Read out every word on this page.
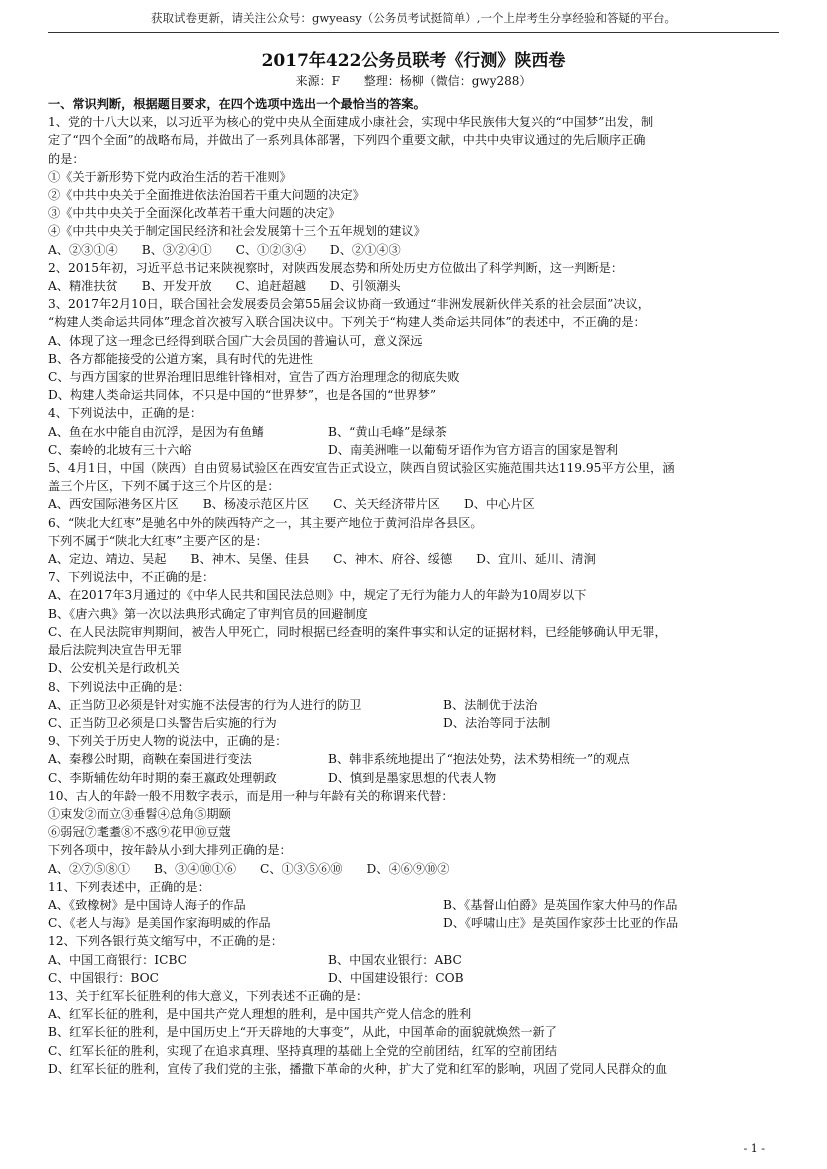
获取试卷更新，请关注公众号：gwyeasy（公务员考试挺简单）,一个上岸考生分享经验和答疑的平台。
2017年422公务员联考《行测》陕西卷
来源：F 整理：杨柳（微信：gwy288）
一、常识判断，根据题目要求，在四个选项中选出一个最恰当的答案。
1、党的十八大以来，以习近平为核心的党中央从全面建成小康社会，实现中华民族伟大复兴的“中国梦”出发，制
定了“四个全面”的战略布局，并做出了一系列具体部署，下列四个重要文献，中共中央审议通过的先后顺序正确
的是：
①《关于新形势下党内政治生活的若干准则》
②《中共中央关于全面推进依法治国若干重大问题的决定》
③《中共中央关于全面深化改革若干重大问题的决定》
④《中共中央关于制定国民经济和社会发展第十三个五年规划的建议》
A、②③①④ B、③②④① C、①②③④ D、②①④③
2、2015年初，习近平总书记来陕视察时，对陕西发展态势和所处历史方位做出了科学判断，这一判断是：
A、精准扶贫 B、开发开放 C、追赶超越 D、引领潮头
3、2017年2月10日，联合国社会发展委员会第55届会议协商一致通过“非洲发展新伙伴关系的社会层面”决议，
“构建人类命运共同体”理念首次被写入联合国决议中。下列关于“构建人类命运共同体”的表述中，不正确的是：
A、体现了这一理念已经得到联合国广大会员国的普遍认可，意义深远
B、各方都能接受的公道方案，具有时代的先进性
C、与西方国家的世界治理旧思维针锋相对，宣告了西方治理理念的彻底失败
D、构建人类命运共同体，不只是中国的“世界梦”，也是各国的“世界梦”
4、下列说法中，正确的是：
A、鱼在水中能自由沉浮，是因为有鱼鳍	B、“黄山毛峰”是绿茶
C、秦岭的北坡有三十六峪	D、南美洲唯一以葡萄牙语作为官方语言的国家是智利
5、4月1日，中国（陕西）自由贸易试验区在西安宣告正式设立，陕西自贸试验区实施范围共达119.95平方公里，涵
盖三个片区，下列不属于这三个片区的是：
A、西安国际港务区片区 B、杨凌示范区片区 C、关天经济带片区 D、中心片区
6、“陕北大红枣”是驰名中外的陕西特产之一，其主要产地位于黄河沿岸各县区。
下列不属于“陕北大红枣”主要产区的是：
A、定边、靖边、吴起 B、神木、吴堡、佳县 C、神木、府谷、绥德 D、宜川、延川、清涧
7、下列说法中，不正确的是：
A、在2017年3月通过的《中华人民共和国民法总则》中，规定了无行为能力人的年龄为10周岁以下
B、《唐六典》第一次以法典形式确定了审判官员的回避制度
C、在人民法院审判期间，被告人甲死亡，同时根据已经查明的案件事实和认定的证据材料，已经能够确认甲无罪，
最后法院判决宣告甲无罪
D、公安机关是行政机关
8、下列说法中正确的是：
A、正当防卫必须是针对实施不法侵害的行为人进行的防卫	B、法制优于法治
C、正当防卫必须是口头警告后实施的行为	D、法治等同于法制
9、下列关于历史人物的说法中，正确的是：
A、秦穆公时期，商鞅在秦国进行变法	B、韩非系统地提出了“抱法处势，法术势相统一”的观点
C、李斯辅佐幼年时期的秦王嬴政处理朝政	D、慎到是墨家思想的代表人物
10、古人的年龄一般不用数字表示，而是用一种与年龄有关的称谓来代替：
①束发②而立③垂髫④总角⑤期颐
⑥弱冠⑦耄耋⑧不惑⑨花甲⑩豆蔻
下列各项中，按年龄从小到大排列正确的是：
A、②⑦⑤⑧① B、③④⑩①⑥ C、①③⑤⑥⑩ D、④⑥⑨⑩②
11、下列表述中，正确的是：
A、《致橡树》是中国诗人海子的作品	B、《基督山伯爵》是英国作家大仲马的作品
C、《老人与海》是美国作家海明威的作品	D、《呼啸山庄》是英国作家莎士比亚的作品
12、下列各银行英文缩写中，不正确的是：
A、中国工商银行：ICBC	B、中国农业银行：ABC
C、中国银行：BOC	D、中国建设银行：COB
13、关于红军长征胜利的伟大意义，下列表述不正确的是：
A、红军长征的胜利，是中国共产党人理想的胜利，是中国共产党人信念的胜利
B、红军长征的胜利，是中国历史上“开天辟地的大事变”，从此，中国革命的面貌就焕然一新了
C、红军长征的胜利，实现了在追求真理、坚持真理的基础上全党的空前团结，红军的空前团结
D、红军长征的胜利，宣传了我们党的主张，播撒下革命的火种，扩大了党和红军的影响，巩固了党同人民群众的血
- 1 -
